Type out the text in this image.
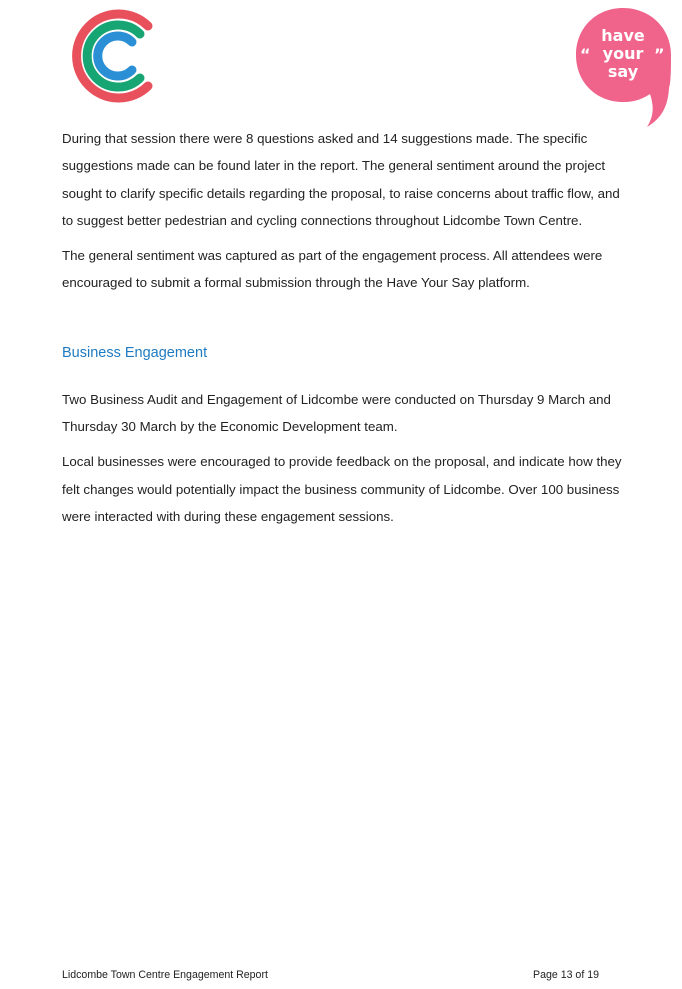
“	”
have
your
say

During that session there were 8 questions asked and 14 suggestions made. The specific suggestions made can be found later in the report. The general sentiment around the project sought to clarify specific details regarding the proposal, to raise concerns about traffic flow, and to suggest better pedestrian and cycling connections throughout Lidcombe Town Centre.

The general sentiment was captured as part of the engagement process. All attendees were encouraged to submit a formal submission through the Have Your Say platform.

Business Engagement

Two Business Audit and Engagement of Lidcombe were conducted on Thursday 9 March and Thursday 30 March by the Economic Development team.

Local businesses were encouraged to provide feedback on the proposal, and indicate how they felt changes would potentially impact the business community of Lidcombe. Over 100 business were interacted with during these engagement sessions.

Lidcombe Town Centre Engagement Report	Page 13 of 19
